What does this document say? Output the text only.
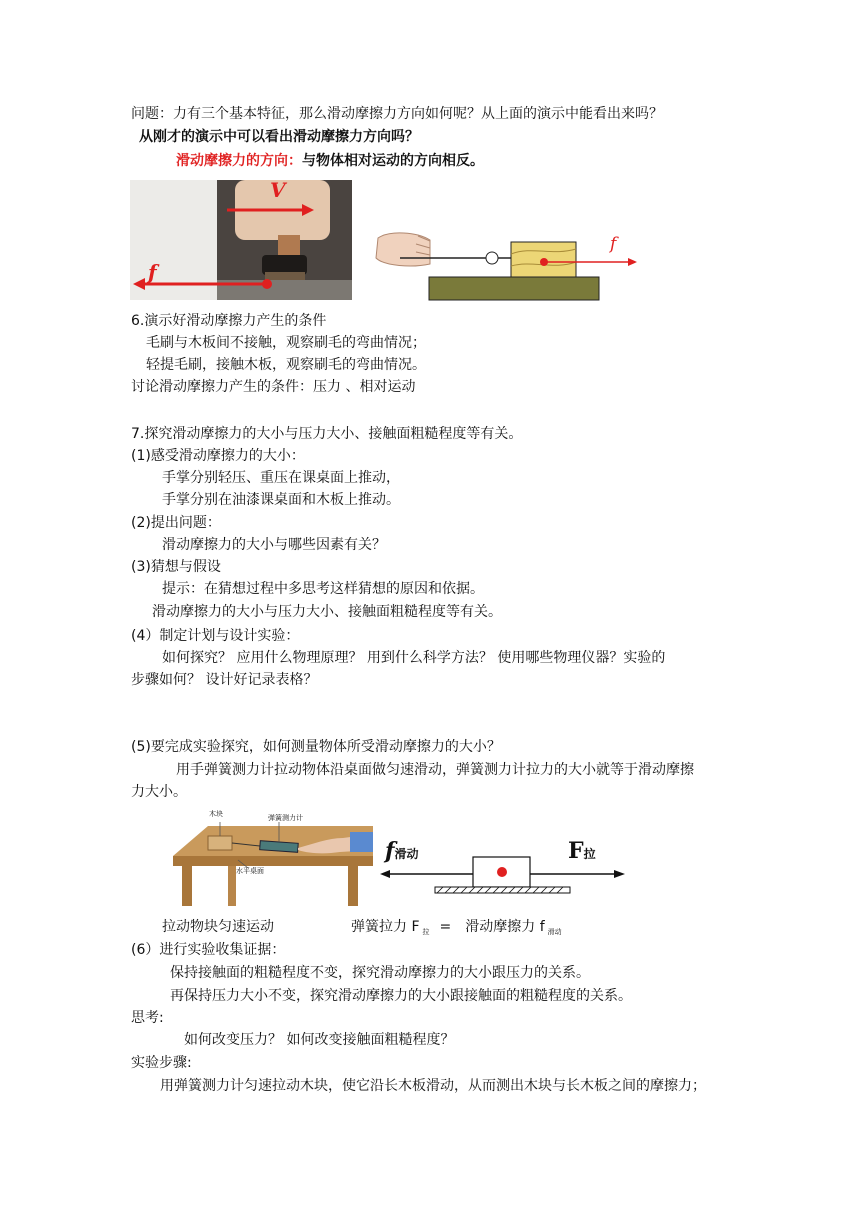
问题：力有三个基本特征，那么滑动摩擦力方向如何呢？从上面的演示中能看出来吗？
从刚才的演示中可以看出滑动摩擦力方向吗？
滑动摩擦力的方向：与物体相对运动的方向相反。
V
f
f
6.演示好滑动摩擦力产生的条件
毛刷与木板间不接触，观察刷毛的弯曲情况；
轻提毛刷，接触木板，观察刷毛的弯曲情况。
讨论滑动摩擦力产生的条件：压力 、相对运动
7.探究滑动摩擦力的大小与压力大小、接触面粗糙程度等有关。
(1)感受滑动摩擦力的大小：
手掌分别轻压、重压在课桌面上推动，
手掌分别在油漆课桌面和木板上推动。
(2)提出问题：
滑动摩擦力的大小与哪些因素有关？
(3)猜想与假设
提示：在猜想过程中多思考这样猜想的原因和依据。
滑动摩擦力的大小与压力大小、接触面粗糙程度等有关。
(4）制定计划与设计实验：
如何探究？ 应用什么物理原理？ 用到什么科学方法？ 使用哪些物理仪器？实验的
步骤如何？ 设计好记录表格？
(5)要完成实验探究，如何测量物体所受滑动摩擦力的大小？
用手弹簧测力计拉动物体沿桌面做匀速滑动，弹簧测力计拉力的大小就等于滑动摩擦
力大小。
木块	弹簧测力计
水平桌面
f滑动	F拉
拉动物块匀速运动	弹簧拉力 F $_拉$ = 滑动摩擦力 f $_{滑动}$
(6）进行实验收集证据：
保持接触面的粗糙程度不变，探究滑动摩擦力的大小跟压力的关系。
再保持压力大小不变，探究滑动摩擦力的大小跟接触面的粗糙程度的关系。
思考:
如何改变压力？ 如何改变接触面粗糙程度？
实验步骤:
用弹簧测力计匀速拉动木块，使它沿长木板滑动，从而测出木块与长木板之间的摩擦力；
